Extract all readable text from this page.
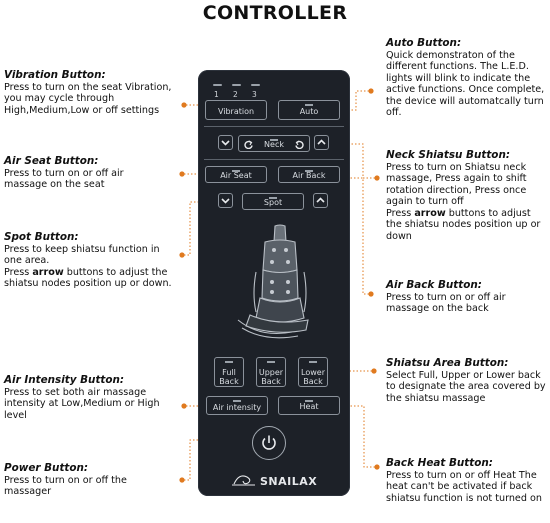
CONTROLLER
Vibration Button:
Press to turn on the seat Vibration, you may cycle through High,Medium,Low or off settings
Air Seat Button:
Press to turn on or off air massage on the seat
Spot Button:
Press to keep shiatsu function in one area.
Press arrow buttons to adjust the shiatsu nodes position up or down.
Air Intensity Button:
Press to set both air massage intensity at Low,Medium or High level
Power Button:
Press to turn on or off the massager
Auto Button:
Quick demonstraton of the different functions. The L.E.D. lights will blink to indicate the active functions. Once complete, the device will automatcally turn off.
Neck Shiatsu Button:
Press to turn on Shiatsu neck massage, Press again to shift rotation direction, Press once again to turn off
Press arrow buttons to adjust the shiatsu nodes position up or down
Air Back Button:
Press to turn on or off air massage on the back
Shiatsu Area Button:
Select Full, Upper or Lower back to designate the area covered by the shiatsu massage
Back Heat Button:
Press to turn on or off Heat The heat can't be activated if back shiatsu function is not turned on
1 2 3
Vibration	Auto
Neck
Air Seat	Air Back
Spot
Full
Back
Upper
Back
Lower
Back
Air intensity	Heat
SNAILAX
